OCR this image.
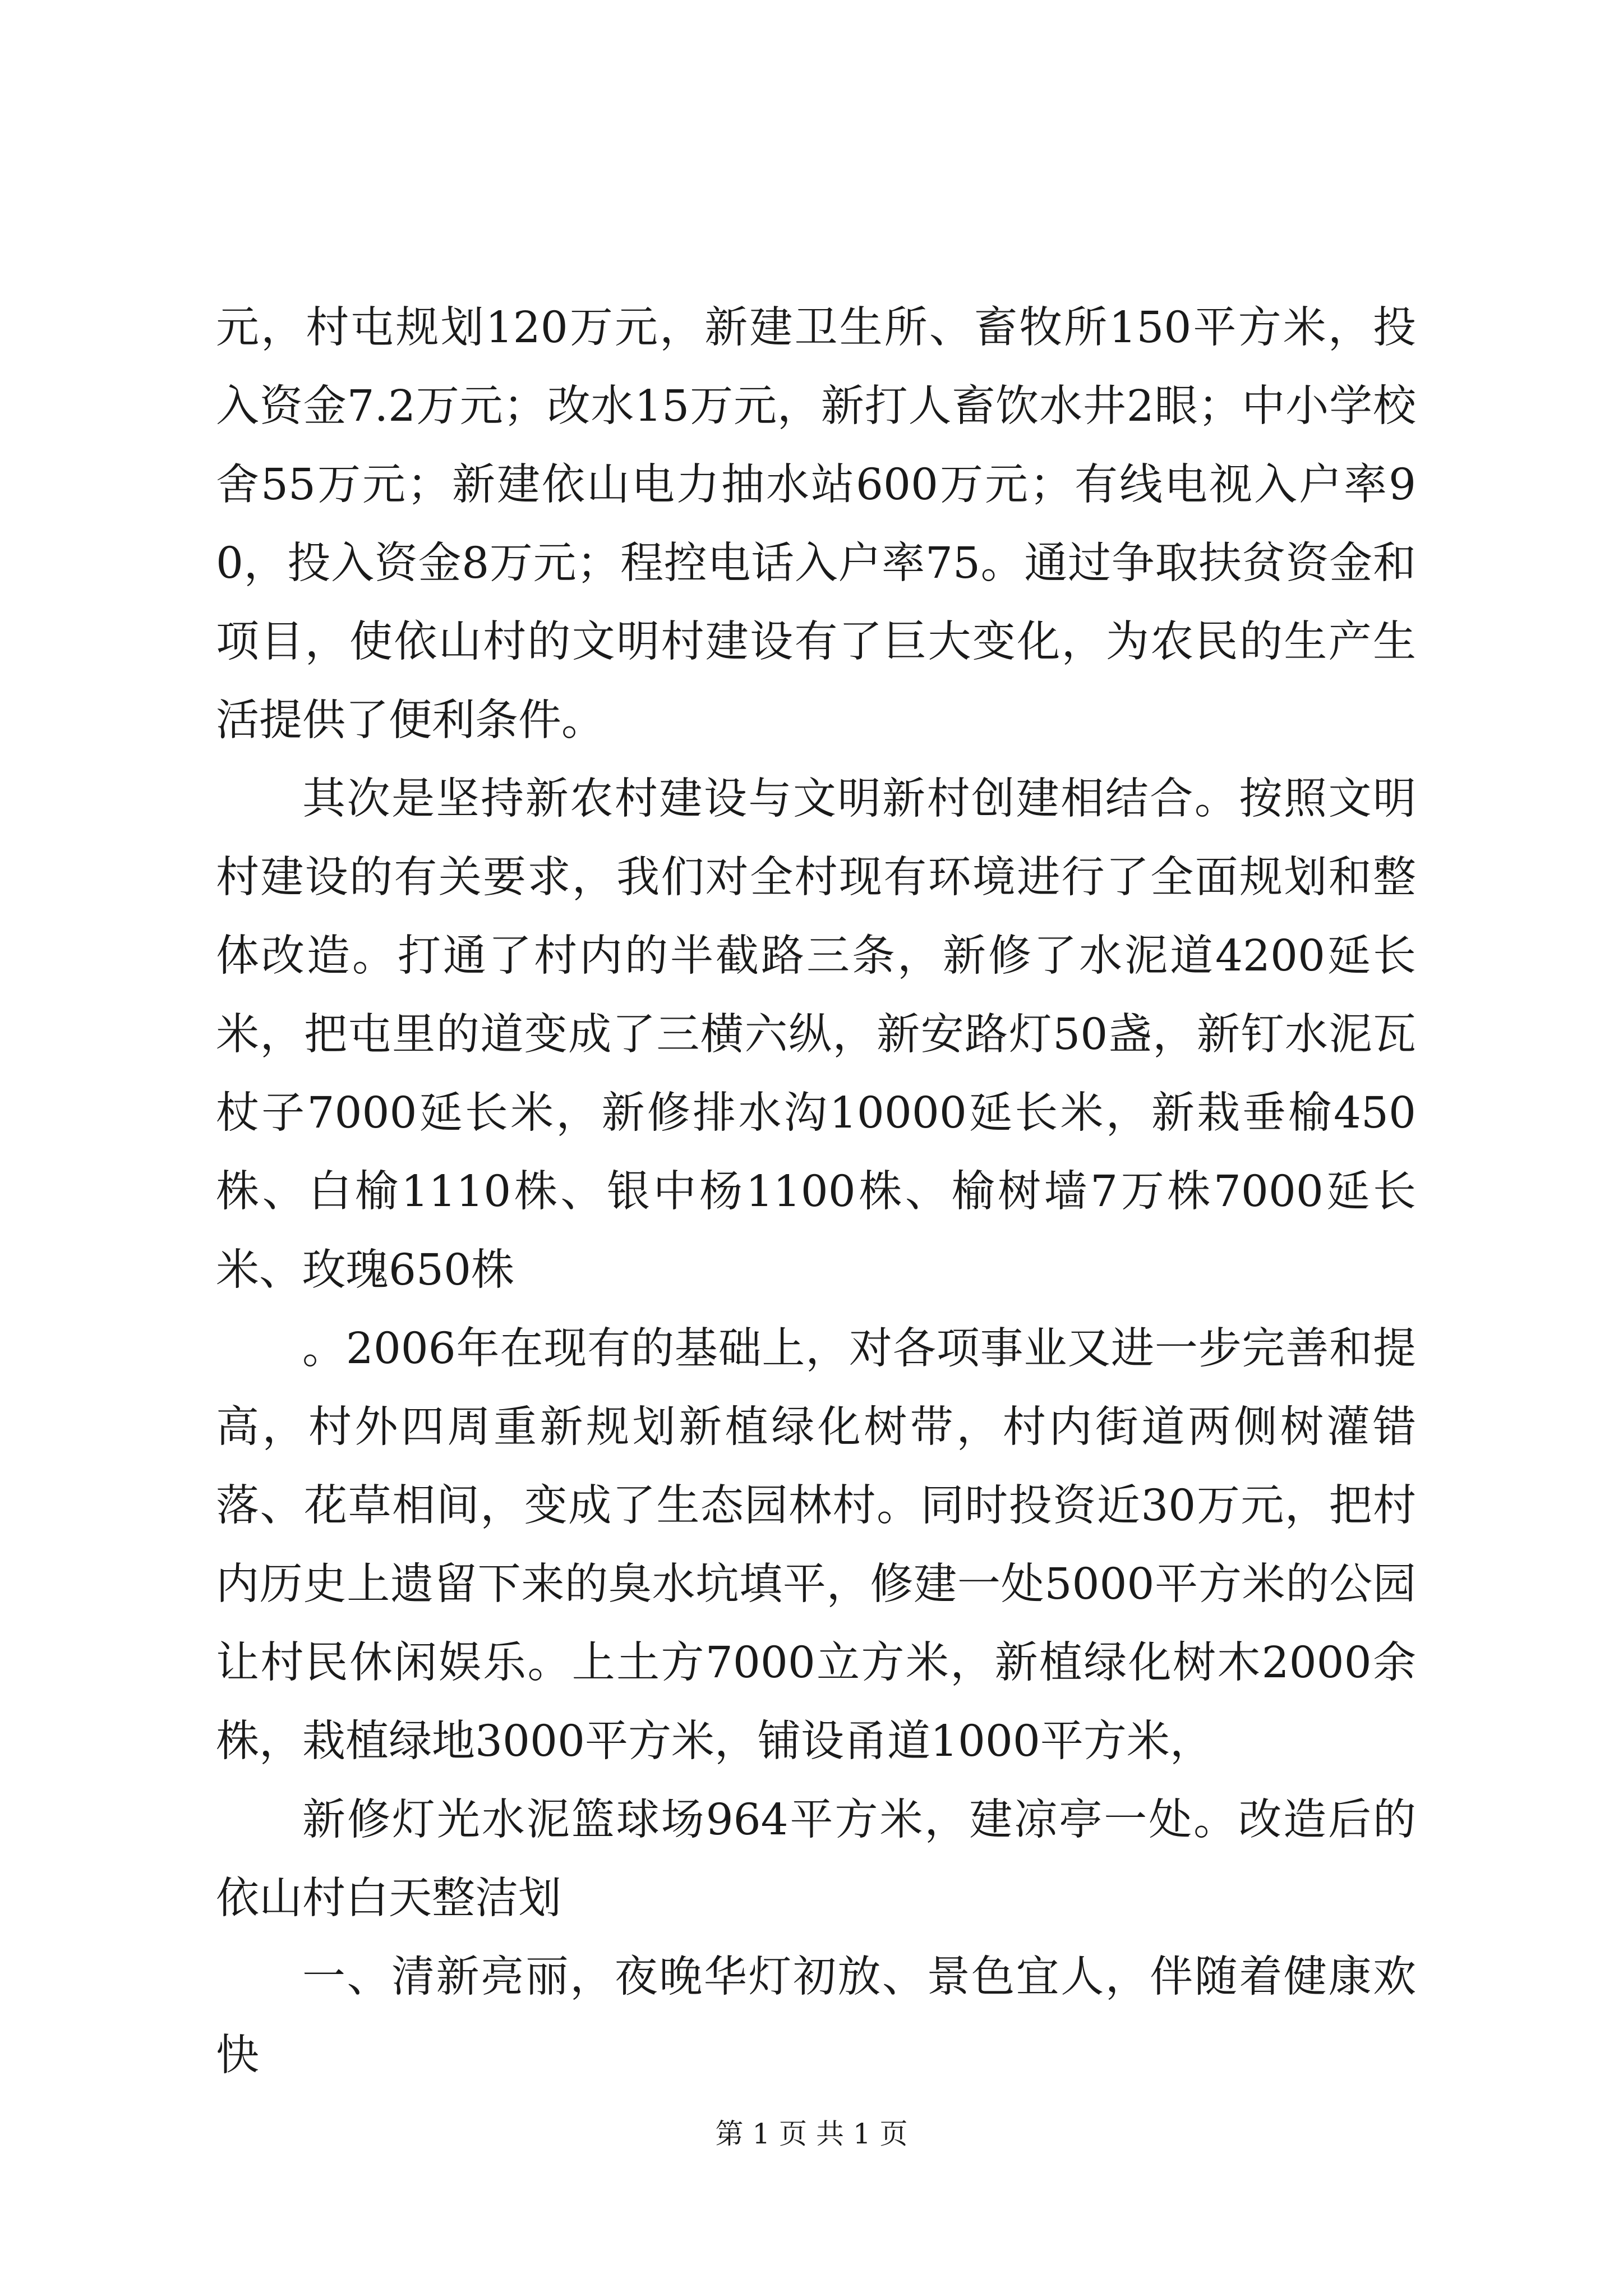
元，村屯规划120万元，新建卫生所、畜牧所150平方米，投入资金7.2万元；改水15万元，新打人畜饮水井2眼；中小学校舍55万元；新建依山电力抽水站600万元；有线电视入户率90，投入资金8万元；程控电话入户率75。通过争取扶贫资金和项目，使依山村的文明村建设有了巨大变化，为农民的生产生活提供了便利条件。

其次是坚持新农村建设与文明新村创建相结合。按照文明村建设的有关要求，我们对全村现有环境进行了全面规划和整体改造。打通了村内的半截路三条，新修了水泥道4200延长米，把屯里的道变成了三横六纵，新安路灯50盏，新钉水泥瓦杖子7000延长米，新修排水沟10000延长米，新栽垂榆450株、白榆1110株、银中杨1100株、榆树墙7万株7000延长米、玫瑰650株

。2006年在现有的基础上，对各项事业又进一步完善和提高，村外四周重新规划新植绿化树带，村内街道两侧树灌错落、花草相间，变成了生态园林村。同时投资近30万元，把村内历史上遗留下来的臭水坑填平，修建一处5000平方米的公园让村民休闲娱乐。上土方7000立方米，新植绿化树木2000余株，栽植绿地3000平方米，铺设甬道1000平方米，

新修灯光水泥篮球场964平方米，建凉亭一处。改造后的依山村白天整洁划

一、清新亮丽，夜晚华灯初放、景色宜人，伴随着健康欢快

第 1 页 共 1 页
